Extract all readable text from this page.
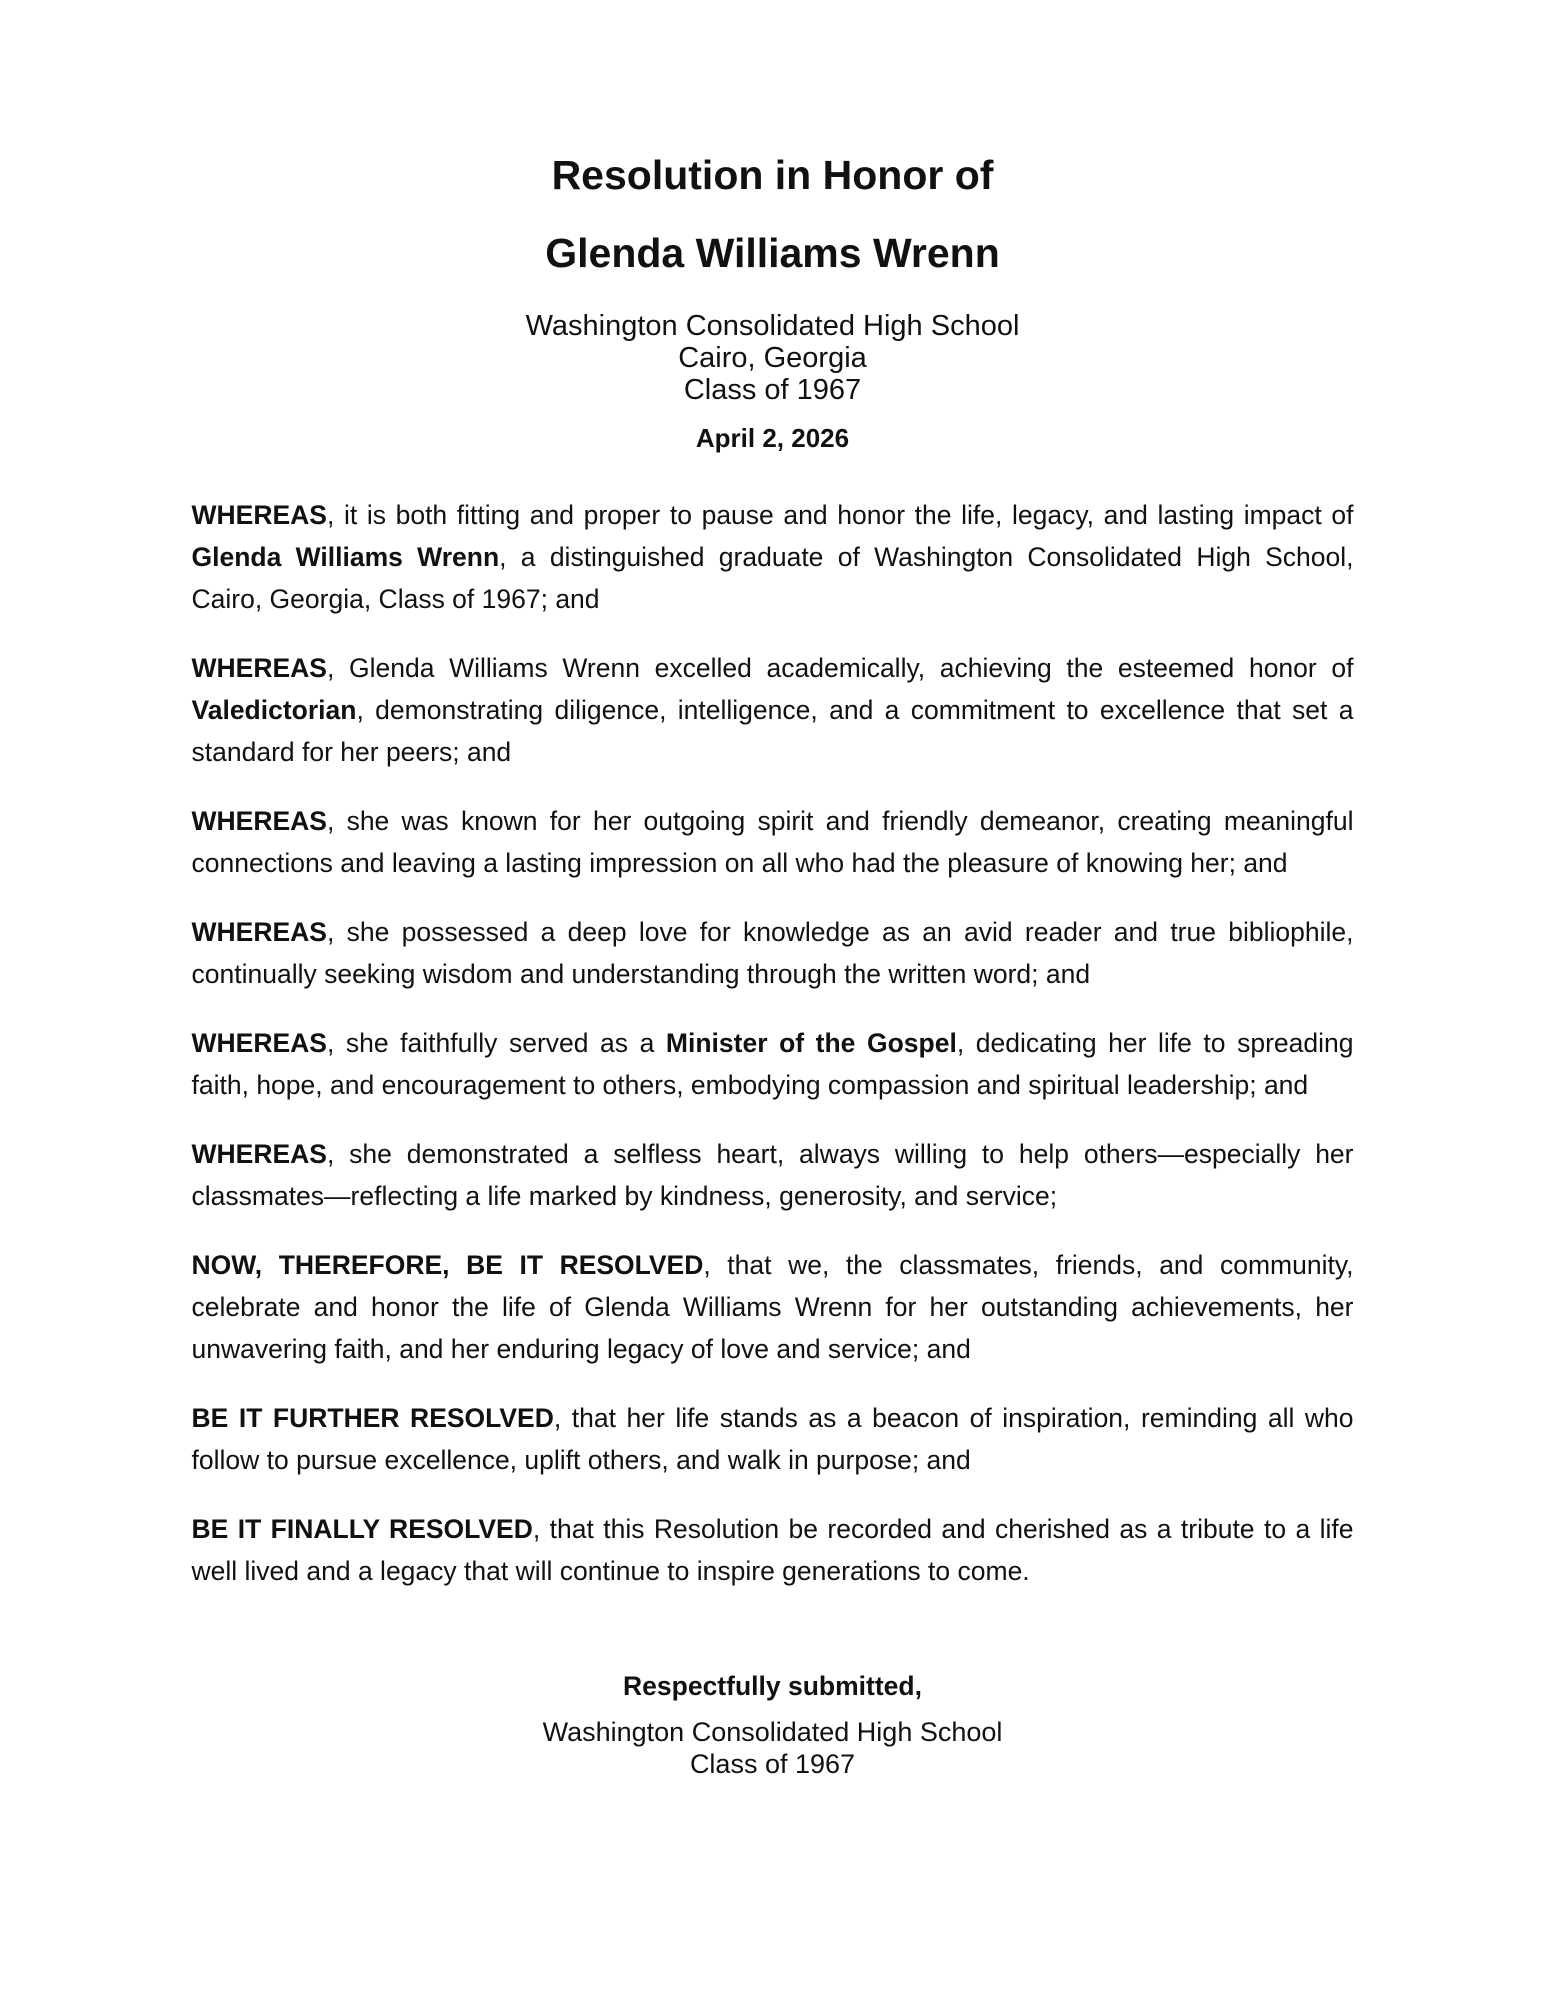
Resolution in Honor of
Glenda Williams Wrenn

Washington Consolidated High School

Cairo, Georgia

Class of 1967

April 2, 2026

WHEREAS, it is both fitting and proper to pause and honor the life, legacy, and lasting impact of Glenda Williams Wrenn, a distinguished graduate of Washington Consolidated High School, Cairo, Georgia, Class of 1967; and

WHEREAS, Glenda Williams Wrenn excelled academically, achieving the esteemed honor of Valedictorian, demonstrating diligence, intelligence, and a commitment to excellence that set a standard for her peers; and

WHEREAS, she was known for her outgoing spirit and friendly demeanor, creating meaningful connections and leaving a lasting impression on all who had the pleasure of knowing her; and

WHEREAS, she possessed a deep love for knowledge as an avid reader and true bibliophile, continually seeking wisdom and understanding through the written word; and

WHEREAS, she faithfully served as a Minister of the Gospel, dedicating her life to spreading faith, hope, and encouragement to others, embodying compassion and spiritual leadership; and

WHEREAS, she demonstrated a selfless heart, always willing to help others—especially her classmates—reflecting a life marked by kindness, generosity, and service;

NOW, THEREFORE, BE IT RESOLVED, that we, the classmates, friends, and community, celebrate and honor the life of Glenda Williams Wrenn for her outstanding achievements, her unwavering faith, and her enduring legacy of love and service; and

BE IT FURTHER RESOLVED, that her life stands as a beacon of inspiration, reminding all who follow to pursue excellence, uplift others, and walk in purpose; and

BE IT FINALLY RESOLVED, that this Resolution be recorded and cherished as a tribute to a life well lived and a legacy that will continue to inspire generations to come.

Respectfully submitted,

Washington Consolidated High School

Class of 1967
